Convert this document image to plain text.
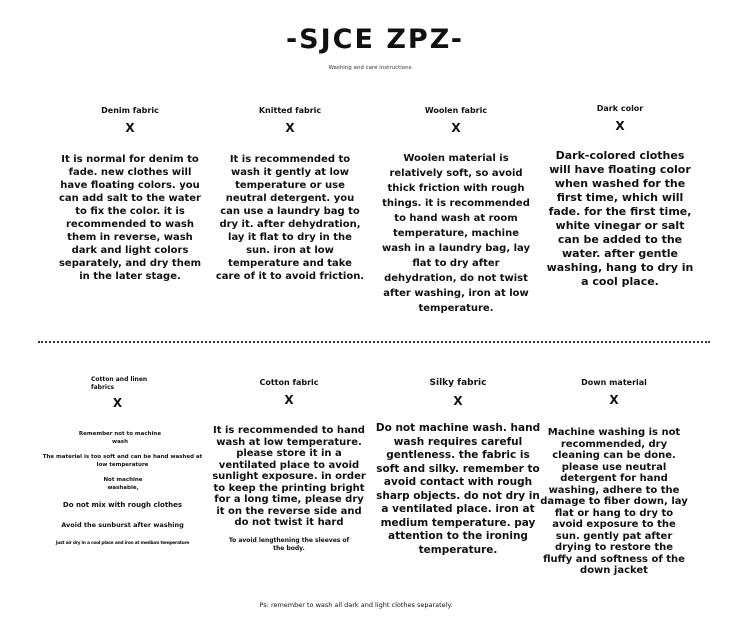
-SJCE ZPZ-
Washing and care instructions
Denim fabric
X
It is normal for denim to fade. new clothes will have floating colors. you can add salt to the water to fix the color. it is recommended to wash them in reverse, wash dark and light colors separately, and dry them in the later stage.
Knitted fabric
X
It is recommended to wash it gently at low temperature or use neutral detergent. you can use a laundry bag to dry it. after dehydration, lay it flat to dry in the sun. iron at low temperature and take care of it to avoid friction.
Woolen fabric
X
Woolen material is relatively soft, so avoid thick friction with rough things. it is recommended to hand wash at room temperature, machine wash in a laundry bag, lay flat to dry after dehydration, do not twist after washing, iron at low temperature.
Dark color
X
Dark-colored clothes will have floating color when washed for the first time, which will fade. for the first time, white vinegar or salt can be added to the water. after gentle washing, hang to dry in a cool place.
Cotton and linen fabrics
X
Remember not to machine wash
The material is too soft and can be hand washed at low temperature
Not machine washable,
Do not mix with rough clothes
Avoid the sunburst after washing
Just air dry in a cool place and iron at medium temperature
Cotton fabric
X
It is recommended to hand wash at low temperature. please store it in a ventilated place to avoid sunlight exposure. in order to keep the printing bright for a long time, please dry it on the reverse side and do not twist it hard
To avoid lengthening the sleeves of the body.
Silky fabric
X
Do not machine wash. hand wash requires careful gentleness. the fabric is soft and silky. remember to avoid contact with rough sharp objects. do not dry in a ventilated place. iron at medium temperature. pay attention to the ironing temperature.
Down material
X
Machine washing is not recommended, dry cleaning can be done. please use neutral detergent for hand washing, adhere to the damage to fiber down, lay flat or hang to dry to avoid exposure to the sun. gently pat after drying to restore the fluffy and softness of the down jacket
Ps: remember to wash all dark and light clothes separately.
